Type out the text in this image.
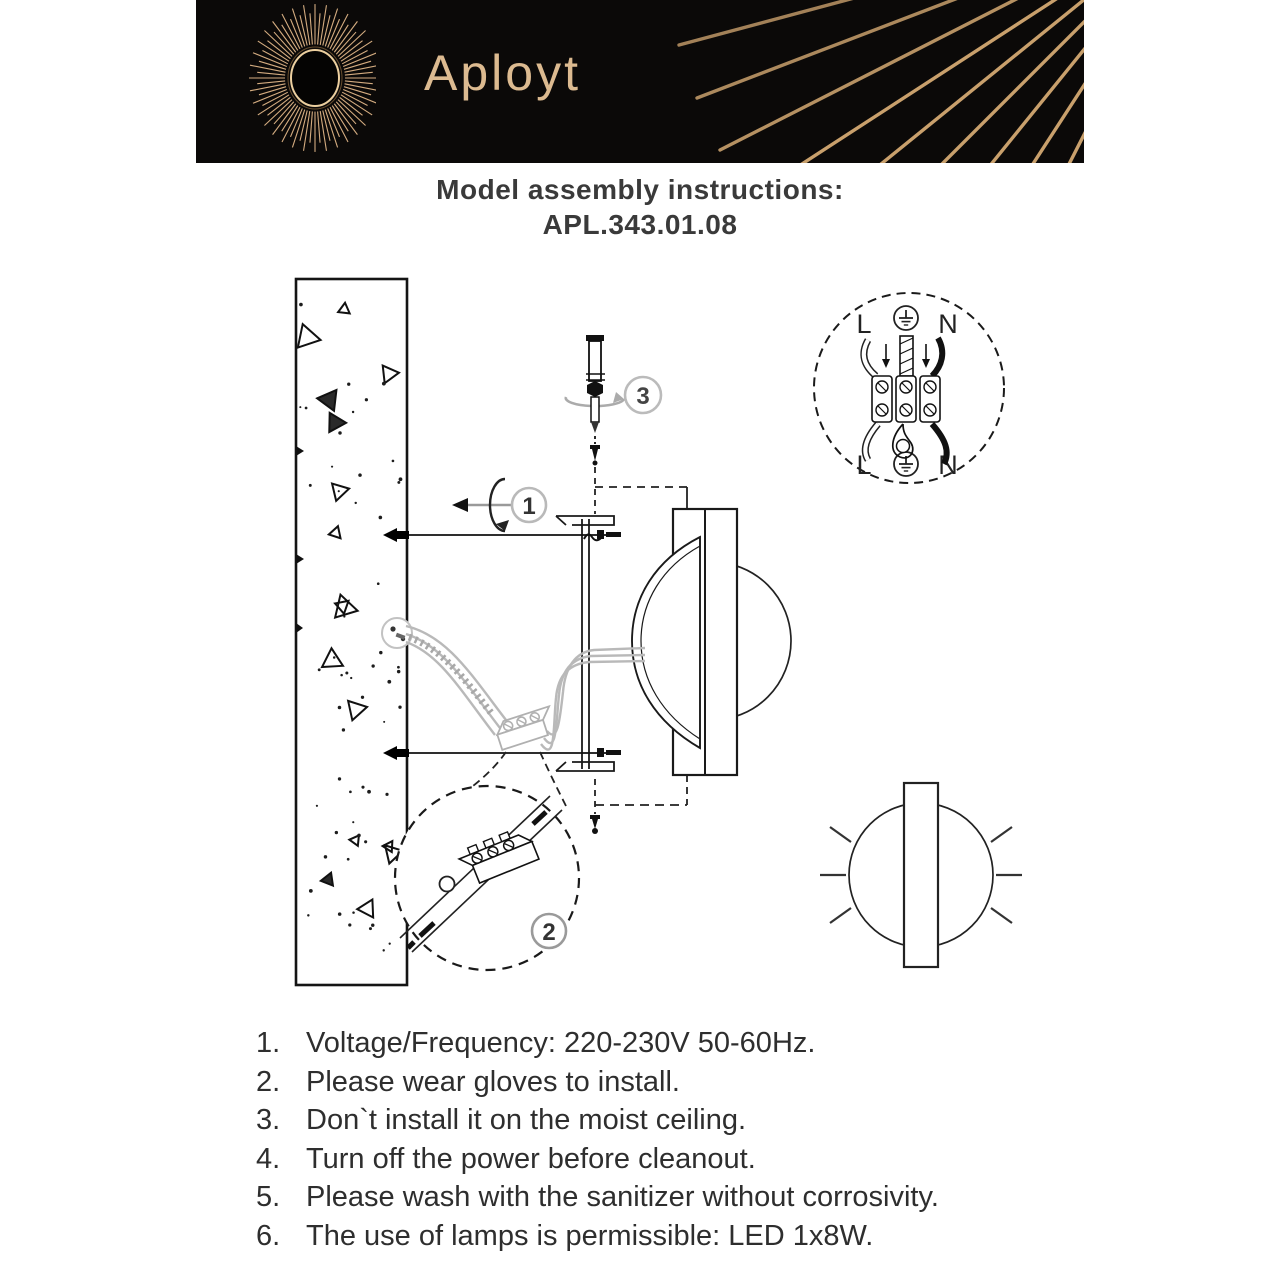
Aployt
Model assembly instructions:
APL.343.01.08
1
3
2
L N
L N
1. Voltage/Frequency: 220-230V 50-60Hz.
2. Please wear gloves to install.
3. Don`t install it on the moist ceiling.
4. Turn off the power before cleanout.
5. Please wash with the sanitizer without corrosivity.
6. The use of lamps is permissible: LED 1x8W.
